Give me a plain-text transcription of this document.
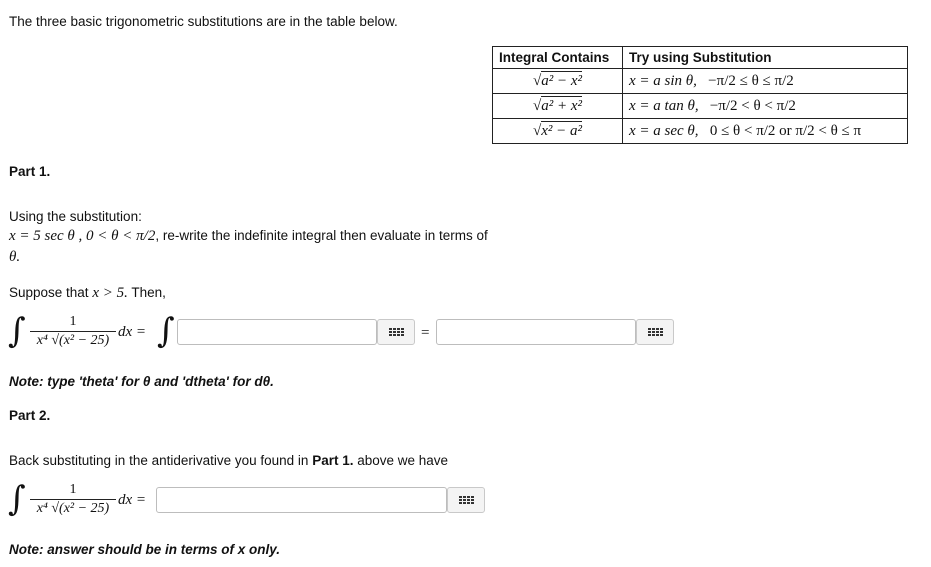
The three basic trigonometric substitutions are in the table below.
Integral Contains	Try using Substitution
√a² − x²	x = a sin θ, −π/2 ≤ θ ≤ π/2
√a² + x²	x = a tan θ, −π/2 < θ < π/2
√x² − a²	x = a sec θ, 0 ≤ θ < π/2 or π/2 < θ ≤ π
Part 1.
Using the substitution:
x = 5 sec θ , 0 < θ < π/2, re-write the indefinite integral then evaluate in terms of
θ.
Suppose that x > 5. Then,
∫	1
x⁴ √(x² − 25)
dx = ∫	=
Note: type 'theta' for θ and 'dtheta' for dθ.
Part 2.
Back substituting in the antiderivative you found in Part 1. above we have
∫	1
x⁴ √(x² − 25)
dx =
Note: answer should be in terms of x only.
